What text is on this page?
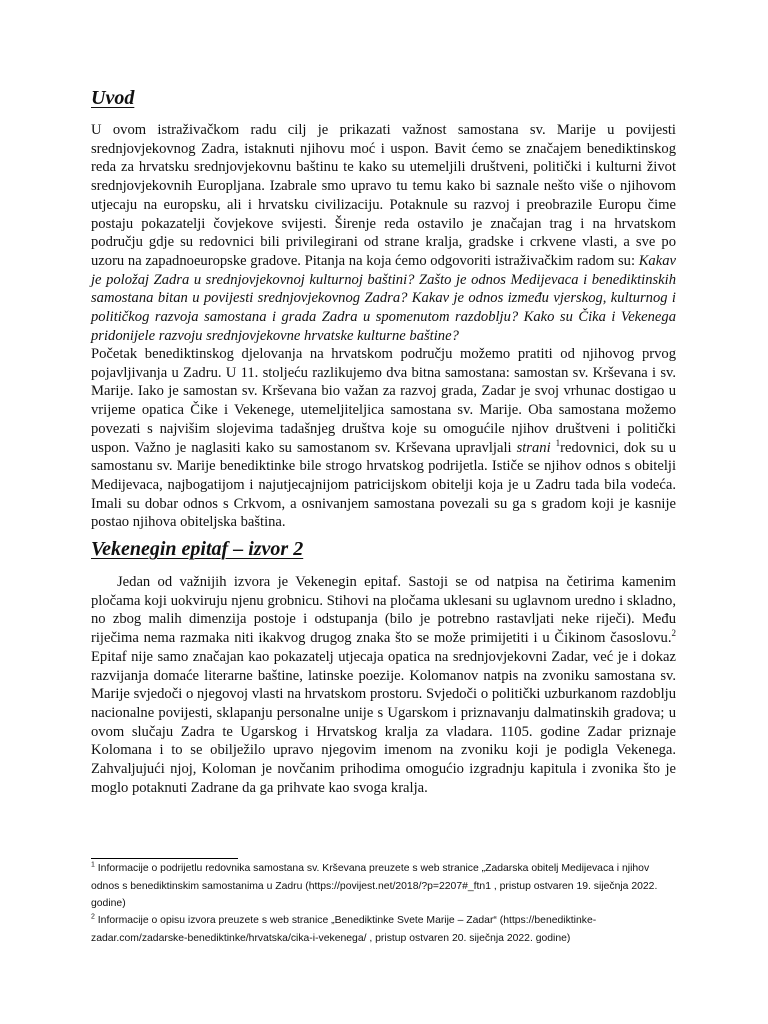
Uvod

U ovom istraživačkom radu cilj je prikazati važnost samostana sv. Marije u povijesti srednjovjekovnog Zadra, istaknuti njihovu moć i uspon. Bavit ćemo se značajem benediktinskog reda za hrvatsku srednjovjekovnu baštinu te kako su utemeljili društveni, politički i kulturni život srednjovjekovnih Europljana. Izabrale smo upravo tu temu kako bi saznale nešto više o njihovom utjecaju na europsku, ali i hrvatsku civilizaciju. Potaknule su razvoj i preobrazile Europu čime postaju pokazatelji čovjekove svijesti. Širenje reda ostavilo je značajan trag i na hrvatskom području gdje su redovnici bili privilegirani od strane kralja, gradske i crkvene vlasti, a sve po uzoru na zapadnoeuropske gradove. Pitanja na koja ćemo odgovoriti istraživačkim radom su: Kakav je položaj Zadra u srednjovjekovnoj kulturnoj baštini? Zašto je odnos Medijevaca i benediktinskih samostana bitan u povijesti srednjovjekovnog Zadra? Kakav je odnos između vjerskog, kulturnog i političkog razvoja samostana i grada Zadra u spomenutom razdoblju? Kako su Čika i Vekenega pridonijele razvoju srednjovjekovne hrvatske kulturne baštine?

Početak benediktinskog djelovanja na hrvatskom području možemo pratiti od njihovog prvog pojavljivanja u Zadru. U 11. stoljeću razlikujemo dva bitna samostana: samostan sv. Krševana i sv. Marije. Iako je samostan sv. Krševana bio važan za razvoj grada, Zadar je svoj vrhunac dostigao u vrijeme opatica Čike i Vekenege, utemeljiteljica samostana sv. Marije. Oba samostana možemo povezati s najvišim slojevima tadašnjeg društva koje su omogućile njihov društveni i politički uspon. Važno je naglasiti kako su samostanom sv. Krševana upravljali strani $^1$redovnici, dok su u samostanu sv. Marije benediktinke bile strogo hrvatskog podrijetla. Ističe se njihov odnos s obitelji Medijevaca, najbogatijom i najutjecajnijom patricijskom obitelji koja je u Zadru tada bila vodeća. Imali su dobar odnos s Crkvom, a osnivanjem samostana povezali su ga s gradom koji je kasnije postao njihova obiteljska baština.

Vekenegin epitaf – izvor 2

Jedan od važnijih izvora je Vekenegin epitaf. Sastoji se od natpisa na četirima kamenim pločama koji uokviruju njenu grobnicu. Stihovi na pločama uklesani su uglavnom uredno i skladno, no zbog malih dimenzija postoje i odstupanja (bilo je potrebno rastavljati neke riječi). Među riječima nema razmaka niti ikakvog drugog znaka što se može primijetiti i u Čikinom časoslovu.$^2$ Epitaf nije samo značajan kao pokazatelj utjecaja opatica na srednjovjekovni Zadar, već je i dokaz razvijanja domaće literarne baštine, latinske poezije. Kolomanov natpis na zvoniku samostana sv. Marije svjedoči o njegovoj vlasti na hrvatskom prostoru. Svjedoči o politički uzburkanom razdoblju nacionalne povijesti, sklapanju personalne unije s Ugarskom i priznavanju dalmatinskih gradova; u ovom slučaju Zadra te Ugarskog i Hrvatskog kralja za vladara. 1105. godine Zadar priznaje Kolomana i to se obilježilo upravo njegovim imenom na zvoniku koji je podigla Vekenega. Zahvaljujući njoj, Koloman je novčanim prihodima omogućio izgradnju kapitula i zvonika što je moglo potaknuti Zadrane da ga prihvate kao svoga kralja.

$^1$ Informacije o podrijetlu redovnika samostana sv. Krševana preuzete s web stranice „Zadarska obitelj Medijevaca i njihov odnos s benediktinskim samostanima u Zadru (https://povijest.net/2018/?p=2207#_ftn1 , pristup ostvaren 19. siječnja 2022. godine)

$^2$ Informacije o opisu izvora preuzete s web stranice „Benediktinke Svete Marije – Zadar“ (https://benediktinke-zadar.com/zadarske-benediktinke/hrvatska/cika-i-vekenega/ , pristup ostvaren 20. siječnja 2022. godine)
